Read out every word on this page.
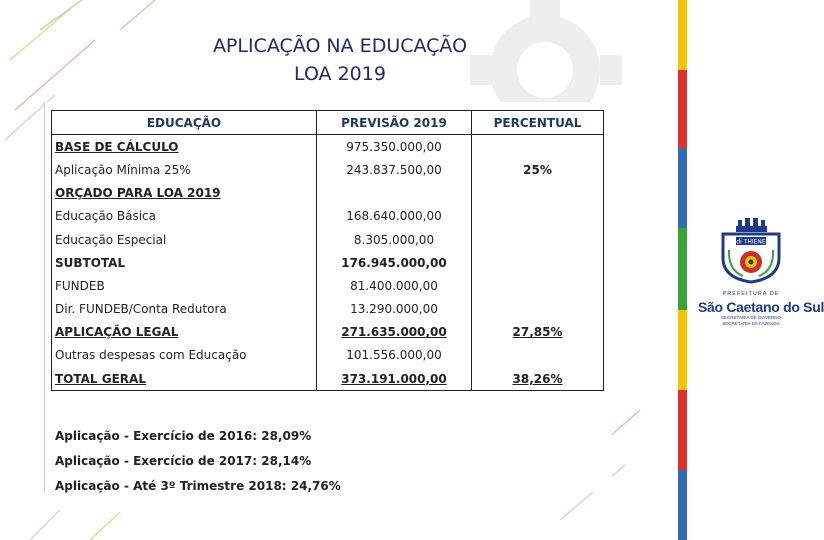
APLICAÇÃO NA EDUCAÇÃO
LOA 2019
EDUCAÇÃO	PREVISÃO 2019	PERCENTUAL
BASE DE CÁLCULO	975.350.000,00	
Aplicação Mínima 25%	243.837.500,00	25%
ORÇADO PARA LOA 2019		
Educação Básica	168.640.000,00	
Educação Especial	8.305.000,00	
SUBTOTAL	176.945.000,00	
FUNDEB	81.400.000,00	
Dir. FUNDEB/Conta Redutora	13.290.000,00	
APLICAÇÃO LEGAL	271.635.000,00	27,85%
Outras despesas com Educação	101.556.000,00	
TOTAL GERAL	373.191.000,00	38,26%
Aplicação - Exercício de 2016: 28,09%
Aplicação - Exercício de 2017: 28,14%
Aplicação - Até 3º Trimestre 2018: 24,76%
di THIENE
PREFEITURA DE
São Caetano do Sul
SECRETARIA DE GOVERNO
SECRETARIA DA FAZENDA
